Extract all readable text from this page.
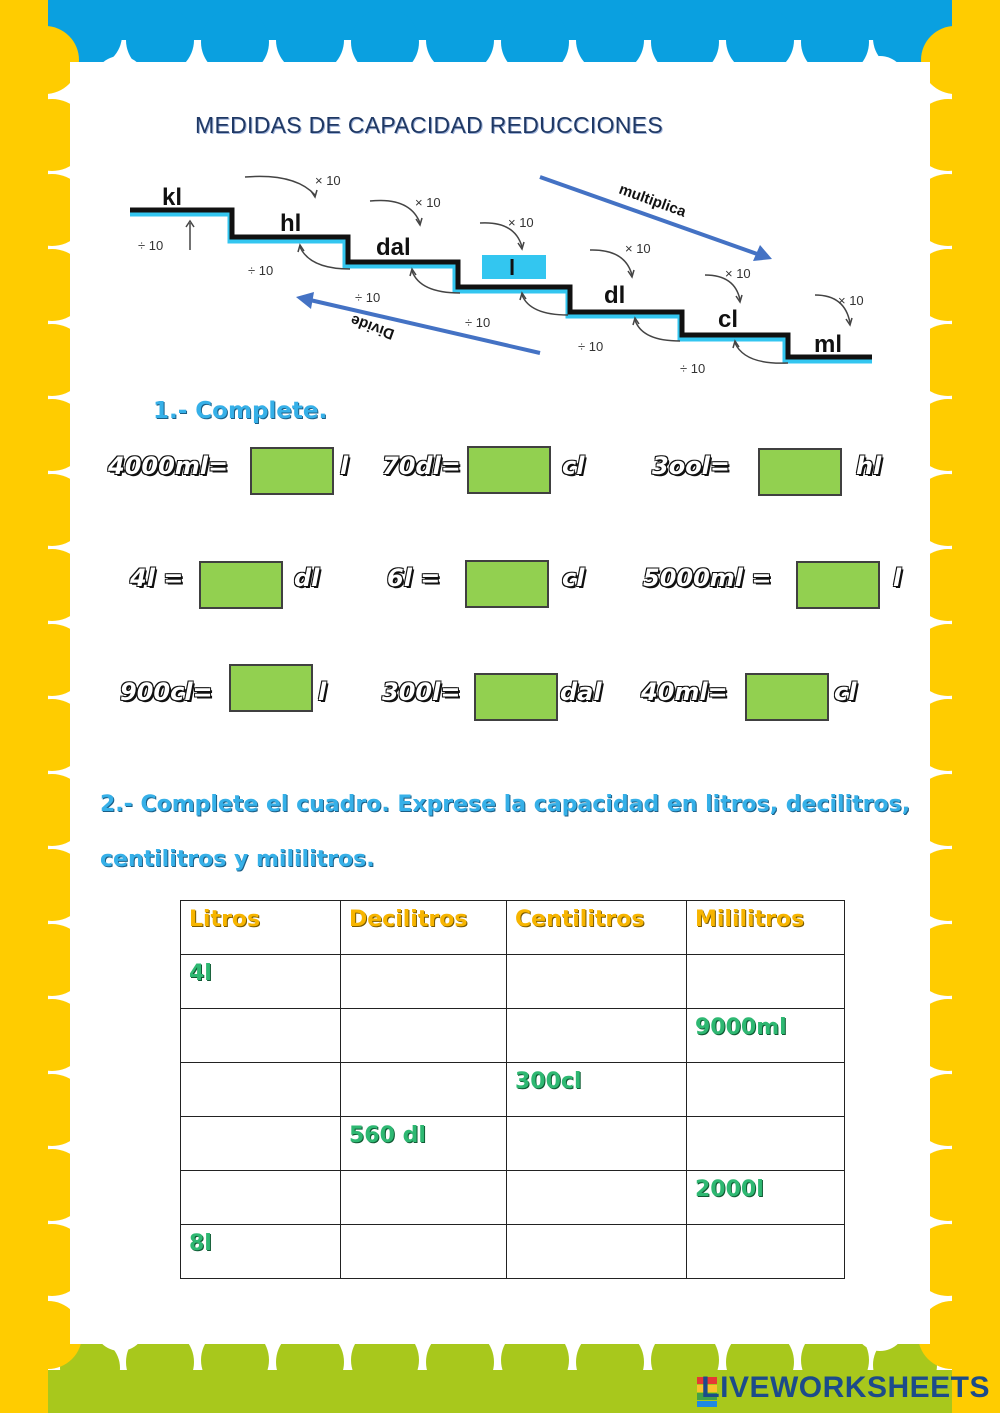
MEDIDAS DE CAPACIDAD REDUCCIONES
kl
hl
dal
l
dl
cl
ml
× 10
× 10
× 10
× 10
× 10
× 10
÷ 10
÷ 10
÷ 10
÷ 10
÷ 10
÷ 10
multiplica
Divide
1.- Complete.
4000ml=	l 70dl=	cl	3ool=	hl
4l =	dl	6l =	cl 5000ml =	l
900cl=	l 300l=	dal 40ml=	cl
2.- Complete el cuadro. Exprese la capacidad en litros, decilitros,
centilitros y mililitros.
Litros	Decilitros	Centilitros	Mililitros
4l			
			9000ml
		300cl	
	560 dl		
			2000l
8l			
LIVEWORKSHEETS
